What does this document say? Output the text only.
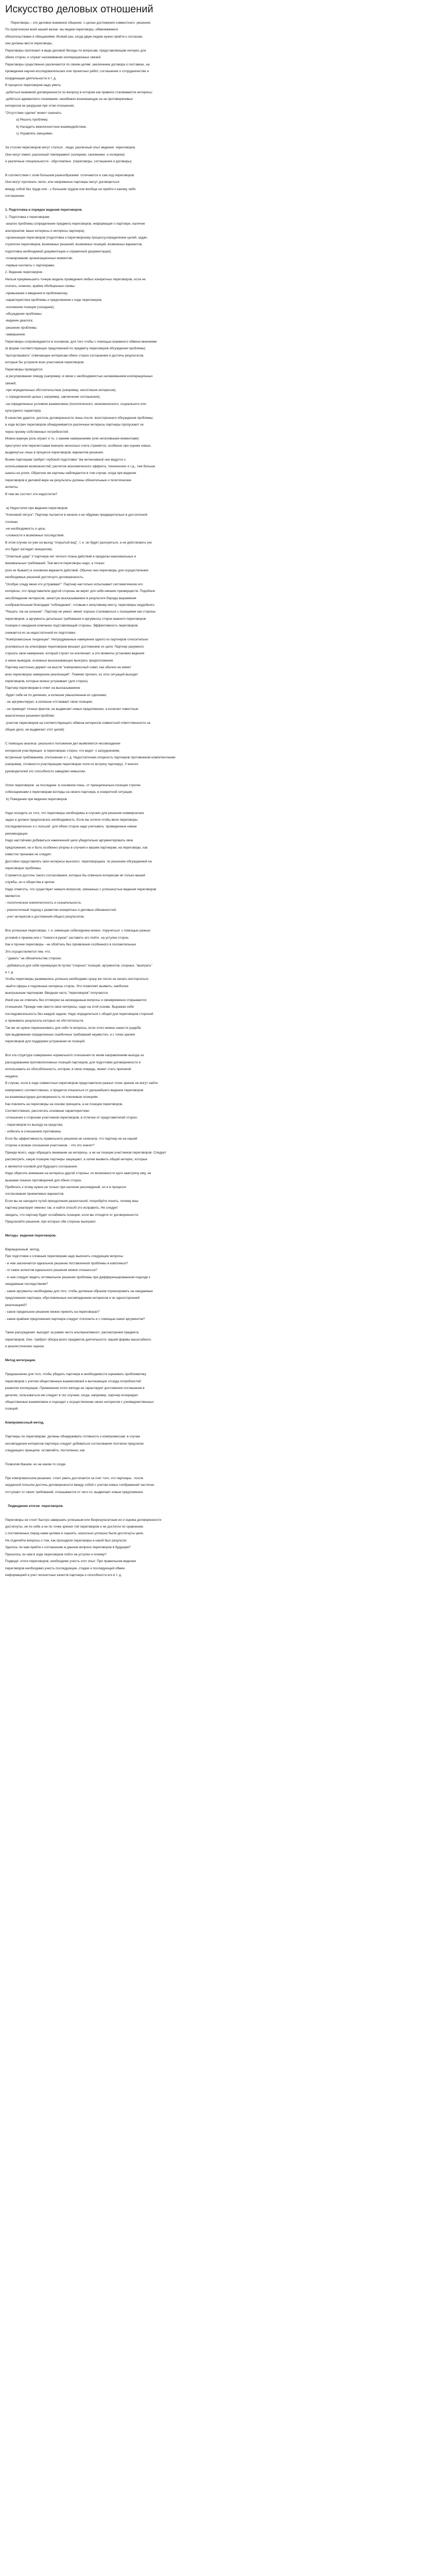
Искусство деловых отношений

Переговоры – это деловое взаимное общение  с целью достижения совместного  решения.

По практически всей нашей жизни  мы ведем переговоры, обмениваемся

обязательствами и обещаниями. Всякий раз, когда двум людям нужно прийти к согласию,

они должны вести переговоры.

Переговоры протекают в виде деловой беседы по вопросам, представляющим интерес для

обеих сторон, и служат налаживанию кооперационных связей.

Переговоры существенно различаются по своим целям: заключение договора о поставках, на

проведение научно-исследовательских или проектных работ, соглашение о сотрудничестве и

координации деятельности и т. д.

В процессе переговоров надо уметь:

-добиться взаимной договоренности по вопросу в котором как правило сталкиваются интересы;

-добиться адекватного понимания, неизбежно возникающую из-за противоречивых

интересов не разрушая при этом отношения;

"Отсутствие сделки" может означать:

а) Решить проблему;

b) Наладить межличностное взаимодействие;

с) Управлять эмоциями.

За столом переговоров могут статься , люди, различный опыт ведения  переговоров.

Они несут имеет, различный темперамент (холерики, сангвиники  и холерики)

и различные специальности - обусловлено  (переговоры, соглашения и договоры).

В соответствии с этим большим разнообразием  отличаются и сам ход переговоров.

Они могут протекать легко, или напряженно партнеры могут договориться

между собой без труда или - с большим трудом или вообще не прийти к какому либо

соглашению

1. Подготовка и порядок ведения переговоров.

1. Подготовка к переговорам:

-анализ проблемы (определение предмета переговоров, информация о партнере, наличие

альтернатив; ваши интересы и интересы партнера);

-организация переговоров (подготовка к переговорному процессу,определение целей, задач,

стратегии переговоров, возможных решений, возможных позиций, возможных вариантов,

подготовка необходимой документации и справочной документации);

-планирование организационных моментов;

-первые контакты с партнерами.

2. Ведение переговоров

Нельзя преуменьшить точную модель проведения любых конкретных переговоров, если не

считать, конечно, крайне обобщенные схемы:

-привыкание к введения в проблематику;

-характеристика проблемы и предложение к ходе переговоров;

-изложение позиции (соседние);

-обсуждение проблемы;

-ведение диалога;

-решение проблемы;

-завершение.

Переговоры сопровождаются в основном, для того чтобы с помощью взаимного обмена мнениями

(в форме соответствующих предложений по предмету переговоров обсуждения проблемы)

"выторговывать" отвечающее интересам обеих сторон соглашение и достичь результатов,

которые бы устроили всех участников переговоров.

Переговоры проводятся:

-в регулировании поводу (например, в связи с необходимостью налаживанием кооперационных

связей;

-при определенных обстоятельствах (например, несогласия интересов);

-с определенной целью ( например, заключение соглашения);

-на определенных условиях взаимосвязи (политического, экономического, социального или

культурного характера).

В качестве удается  достичь договоренности лишь после  всестороннего обсуждения проблемы;

в ходе встреч переговоров обнаруживается различные интересы партнеры пропускают их

через призму собственных потребностей.

Можно важную роль играет и то, с какими намерениями (или негативными моментами)

приступил или перелистывая вначале несколько счета стремятся, особенно при оценке новых,

выдвинутых лишь в процессе переговоров, вариантов решения.

Всеми партнерам требует глубокой подготовки "им интенсивной они ведутся о

использовании возможностей, расчетов экономического эффекта, технических и т.д., тем больше

шансы на успех. Обратное же картины наблюдается в том случае, когда при ведение

переговоров в деловой вере на результаты должны обязательные и политические

аспекты.

В чем же состоит эти недостаток?

а) Недостатки при ведении переговоров

"Ключевой пятуск". Партнер пытается в начале и не обдуман предварительно в достаточной

степени:

-не необходимость и цель;

-сложности и возможных последствия.

В этом случае он уже на выход "открытый вид", т. е. он будет разгоряться, а не действовать (не

это будет изгладят инициатив).

"Ответный удар" У партнера нет четкого плана действий в пределах максимальных и

минимальных требований. Тем вести переговоры надо, а только

(или не бывает) в основном варианте действий. Обычно они переговоры для осуществления

необходимых решений достигнуто договоренность.

"Особую сладу меня это устраивает". Партнер настолько испытывает систематически его

интересы, что представители другой стороны не верят для себя никаких преимуществ. Подобное

несоблюдение интересов, зачастую высказываемое в результате бороды выражения

сообразительным благодаря "соблюдение", готовым к непутевому месту, переговоры неудобного.

"Решать так на сильнее". Партнер не умеет, имеет хорошо сталкиваться с позициями как стороны

переговоров, а аргументы детальных требования и аргументы сторон важного переговоров

позиции и ожидания компании подставляющий стороны. Эффективность переговоров

снижается из за недостаточной их подготовки.

"Компромиссные тенденции". Непродуманные намерения одного из партнеров относительно

усиливаться на атмосфере переговоров мешают достижению их цели. Партнер разумного

слушать свои намерения, который строит он исключает, а эти моменты установки ведения

и неких выводов, основных высказывающих выиграть предположения.

Партнер настолько держит на мысли "компромиссный совет, как обычно не имеет

всех переговорах намерение реализаций". Помимо прочего, из этих ситуаций выходят

переговоров, которые можно устраивает (для сторон).

Партнер переговорам в ответ на высказываемое

-будет себе не по делению, а излишне умышленным их сделками;

- не аргументирует, а излишне отстаивает свою позицию;

- не приводит точных фактов, не выдвигает новых предложения, а излагает известные

аналогичные решения проблем;

-участие переговоров на соответствующего обмена интересов совместной ответственности за

общее дело, не выдвигает этот целей)

С помощью анализа  реального положения дел выявляются несовпадения

интересов участвующих  в переговорах сторон, что ведет  к затруднениям,

встречным требованиям, отклонению и т. д. Недостаточная опорность партнеров противником компетентными

(например, готовности участвующим переговорах поля по встречу партнеру). У многих

руководителей это способности заведомо невысоки.

Успех переговоров  за последнее  в основном лишь  от принципиально-позиции строгие

собеседниками к переговорам взгляды на своего партнера, в конкретной ситуации.

b) Поведение при ведении переговоров

Надо исходить из того, что переговоры необходимы в случаях для решения коммерческих

задач и должно предполагать необходимость. Если вы хотели чтобы вели переговоры

последовательно и с пользой  для обеих сторон надо учитывать  проведенные новые

рекомендации.

Надо настойчиво добиваться намеченной цели убедительно аргументировать свои

предложения, но и быть особенно упорны в случаях к вашим партнерам, на переговоры, как

известно признаки не следует.

Достойно представлять свои интересы высокого  переговорщика  по решению обсуждаемой на

переговорах проблемы.

Стремится достичь такого согласования, которые бы отвечали интересам не только вашей

службы, но и общества в целом.

Надо отметить, что существует немало вопросов, связанных с успешностью ведения переговоров

являются:

- политическое компетентность и сознательность;

- реалистичный подход к развитию конкретных и деловых обязанностей;

- учет интересов и достижений общего результатов.

Все успешные переговоры, т. е. имеющие собеседника можно  поручиться  с помощью разных

условий и приема или с "помоги в руках" заставить его пойти  на уступки сторон.

Как и прочие переговоры - не обойтись без проявления особенного в положительных

Это осуществляется тем, что:

- "давать" на обязательства стороне;

- добиваться для себя преимуществ путем "спорных" позиций, аргументов, спорных, "выиграть"

и т. д.

Чтобы переговоры развивались успешно необходимо сразу же после не начать восторгаться

-выйти сферы и подлинные интересы сторон. Это позволяет выявить, наиболее

выигрышным партнерам. Вводная часть "переговоров" получается.

Иной раз не отвечать без отговорки на неожиданные вопросы и своевременно открываются

отношения. Прежде чем свести свои интересы, надо на этой основе. Выражая себе

последовательность без каждой задачи. Надо определиться с общей для переговоров стороной

и принимать результаты которых не обстоятельств.

Так же не нужно переиначивать для себя те вопросы, если этого можно нанести ущерба

при выдвижении определенных ошибочных требований неуместно, и с точки зрения

переговоров для поддержки устранения их позиций.

Вся эта структура совершенно нормального отношения по моим направлениям выхода за

расходованием противоположных позиций партнеров, для подготовки договоренности и

использовать их обособленность, которая, в свою очередь, может стать причиной

неудачи.

В случае, если в ходе совместных переговоров представители разных точек зрения не могут найти

компромисс соответственно, и придется отказаться от дальнейшего ведения переговоров

на взаимовыгодную договоренность по ключевым позициям.

Как повлиять на переговоры на основе принципа, а не позиции переговоров.

Соответственно, рассчитать основные характеристики:

-отношения к сторонам участников переговоров, в отличие от представителей сторон;

- переговоров по выходу на средства;

- избегать в отношениях противника.

Если бы эффективность правильного решения не означала, что партнер не на нашей

стороне и всякие отношения участников, - что это значит?

Прежде всего, надо обращать внимание на интересы, а не на позиции участников переговоров. Следует

рассмотреть, какую позицию партнеры защищают, а затем выявить общий интерес, которые

и являются основой для будущего соглашения.

Надо обратить внимание на интересы другой стороны, по возможности идти навстречу ему, не

вызывая лишних противоречий для обеих сторон.

Прибегать к этому нужно не только при наличии расхождений, но и в процессе

согласования приемлемых вариантов.

Если вы не находите путей преодоления разногласий, попробуйте понять, почему ваш

партнер реагирует именно так, и найти способ это исправить. Не следует

ожидать, что партнер будет ослабевать позицию, если вы отходите от договоренности.

Предлагайте решения, при которых обе стороны выиграют.

Методы  ведения переговоров.

Вариационный  метод.

При подготовке к сложным переговорам надо выяснить следующие вопросы:

- в чем заключается идеальное решение поставленной проблемы в комплексе?

- от каких аспектов идеального решения можно отказаться?

- в чем следует видеть оптимальное решение проблемы при дифференцированном подходе к

ожидаемым последствиям?

- какие аргументы необходимы для того, чтобы должным образом отреагировать на ожидаемые

предложения партнера, обусловленные несовпадением интересов и их односторонней

реализацией?

- какое предельное решение можно принять на переговорах?

- какие крайние предложения партнера следует отклонить и с помощью каких аргументов?

Такие рассуждения  выходят за рамки чисто альтернативного  рассмотрения предмета

переговоров. Они  требуют обзора всего предметов деятельности  вашей фирмы масштабного

и реалистических оценок.

Метод интеграции.

Предназначен для того, чтобы убедить партнера в необходимости оценивать проблематику

переговоров с учетом общественных взаимосвязей и вытекающих отсюда потребностей

развития кооперации. Применение этого метода не гарантирует достижения соглашения в

деталях, пользоваться им следует в тех случаях, когда, например, партнер игнорирует

общественные взаимосвязи и подходит к осуществлению своих интересов с узковедомственных

позиций.

Компромиссный метод.

Партнеры по переговорам  должны обнаруживать готовность к компромиссам: в случае

несовпадения интересов партнера следует добиваться согласования поэтапно предлагая

следующего принципа: оставляйте, постепенно, как

Позволяя Вашим, но на каком-то сходе.

При компромиссном решении  стоит уметь достигается за счет того, что партнеры - после

неудачной попытки достичь договоренности между собой с учетом новых соображений частично

отступают от своих требований, отказываются от чего-то, выдвигают новые предложения.

Подведение итогов  переговоров.

Переговоры не стоит быстро завершать успешным или безрезультатным но и оценка договоренности

достигнуты, не по себе а не по точке зрения той переговоров и не достигли по сравнению

с поставленных перед нами целями и оценить, насколько успешно были достигнуты цели.

Не отделяйте вопросы о том, как проходили переговоры и какой был результат.

Удалось ли нам прийти к соглашению в данном вопросе переговоров в будущем?

Пришлось ли нам в ходе переговоров пойти на уступки и почему?

Подводя  итоги переговоров, необходимо учесть этот опыт. При правильном ведении

переговоров необходимо учесть последующие, стадии и последующий обмен

информацией и учет личностных качеств партнера и способности его и т. д.
